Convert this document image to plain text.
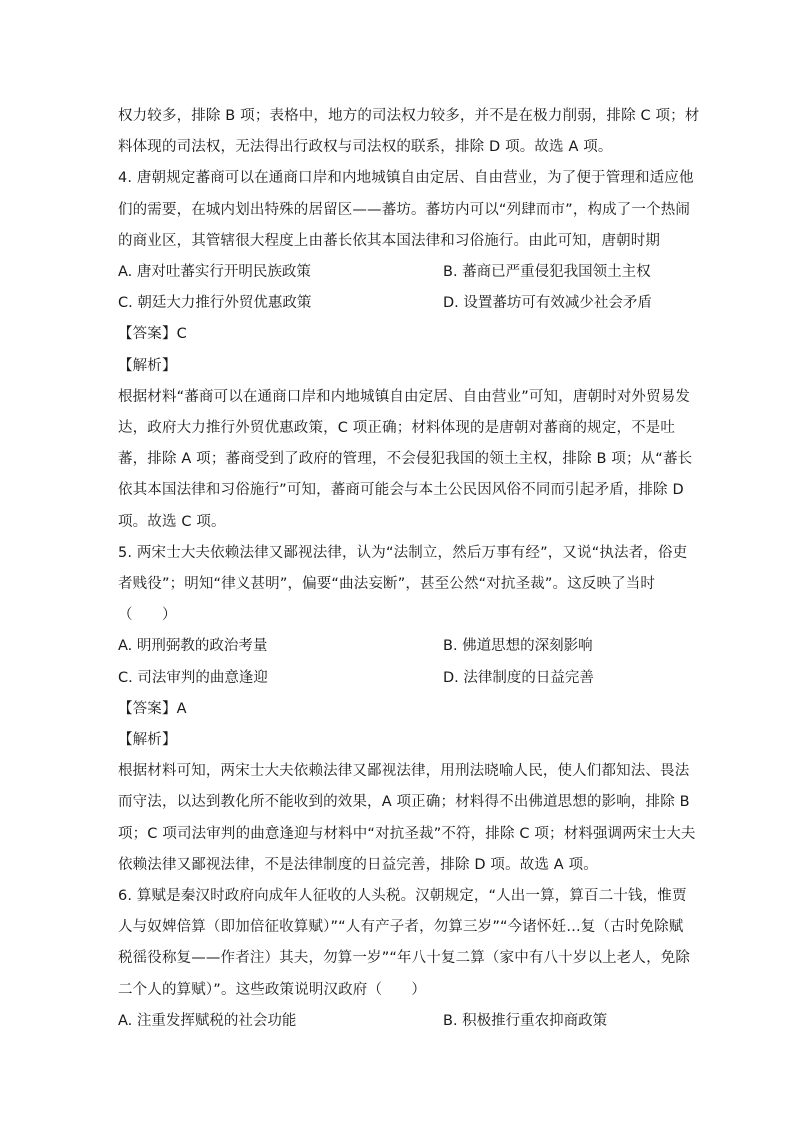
权力较多，排除 B 项；表格中，地方的司法权力较多，并不是在极力削弱，排除 C 项；材
料体现的司法权，无法得出行政权与司法权的联系，排除 D 项。故选 A 项。
4. 唐朝规定蕃商可以在通商口岸和内地城镇自由定居、自由营业，为了便于管理和适应他
们的需要，在城内划出特殊的居留区——蕃坊。蕃坊内可以“列肆而市”，构成了一个热闹
的商业区，其管辖很大程度上由蕃长依其本国法律和习俗施行。由此可知，唐朝时期
A. 唐对吐蕃实行开明民族政策	B. 蕃商已严重侵犯我国领土主权
C. 朝廷大力推行外贸优惠政策	D. 设置蕃坊可有效减少社会矛盾
【答案】C
【解析】
根据材料“蕃商可以在通商口岸和内地城镇自由定居、自由营业”可知，唐朝时对外贸易发
达，政府大力推行外贸优惠政策，C 项正确；材料体现的是唐朝对蕃商的规定，不是吐
蕃，排除 A 项；蕃商受到了政府的管理，不会侵犯我国的领土主权，排除 B 项；从“蕃长
依其本国法律和习俗施行”可知，蕃商可能会与本土公民因风俗不同而引起矛盾，排除 D
项。故选 C 项。
5. 两宋士大夫依赖法律又鄙视法律，认为“法制立，然后万事有经”，又说“执法者，俗吏
者贱役”；明知“律义甚明”，偏要“曲法妄断”，甚至公然“对抗圣裁”。这反映了当时
（　　）
A. 明刑弼教的政治考量	B. 佛道思想的深刻影响
C. 司法审判的曲意逢迎	D. 法律制度的日益完善
【答案】A
【解析】
根据材料可知，两宋士大夫依赖法律又鄙视法律，用刑法晓喻人民，使人们都知法、畏法
而守法，以达到教化所不能收到的效果，A 项正确；材料得不出佛道思想的影响，排除 B
项；C 项司法审判的曲意逢迎与材料中“对抗圣裁”不符，排除 C 项；材料强调两宋士大夫
依赖法律又鄙视法律，不是法律制度的日益完善，排除 D 项。故选 A 项。
6. 算赋是秦汉时政府向成年人征收的人头税。汉朝规定，“人出一算，算百二十钱，惟贾
人与奴婢倍算（即加倍征收算赋）”“人有产子者，勿算三岁”“今诸怀妊…复（古时免除赋
税徭役称复——作者注）其夫，勿算一岁”“年八十复二算（家中有八十岁以上老人，免除
二个人的算赋）”。这些政策说明汉政府（　　）
A. 注重发挥赋税的社会功能	B. 积极推行重农抑商政策
